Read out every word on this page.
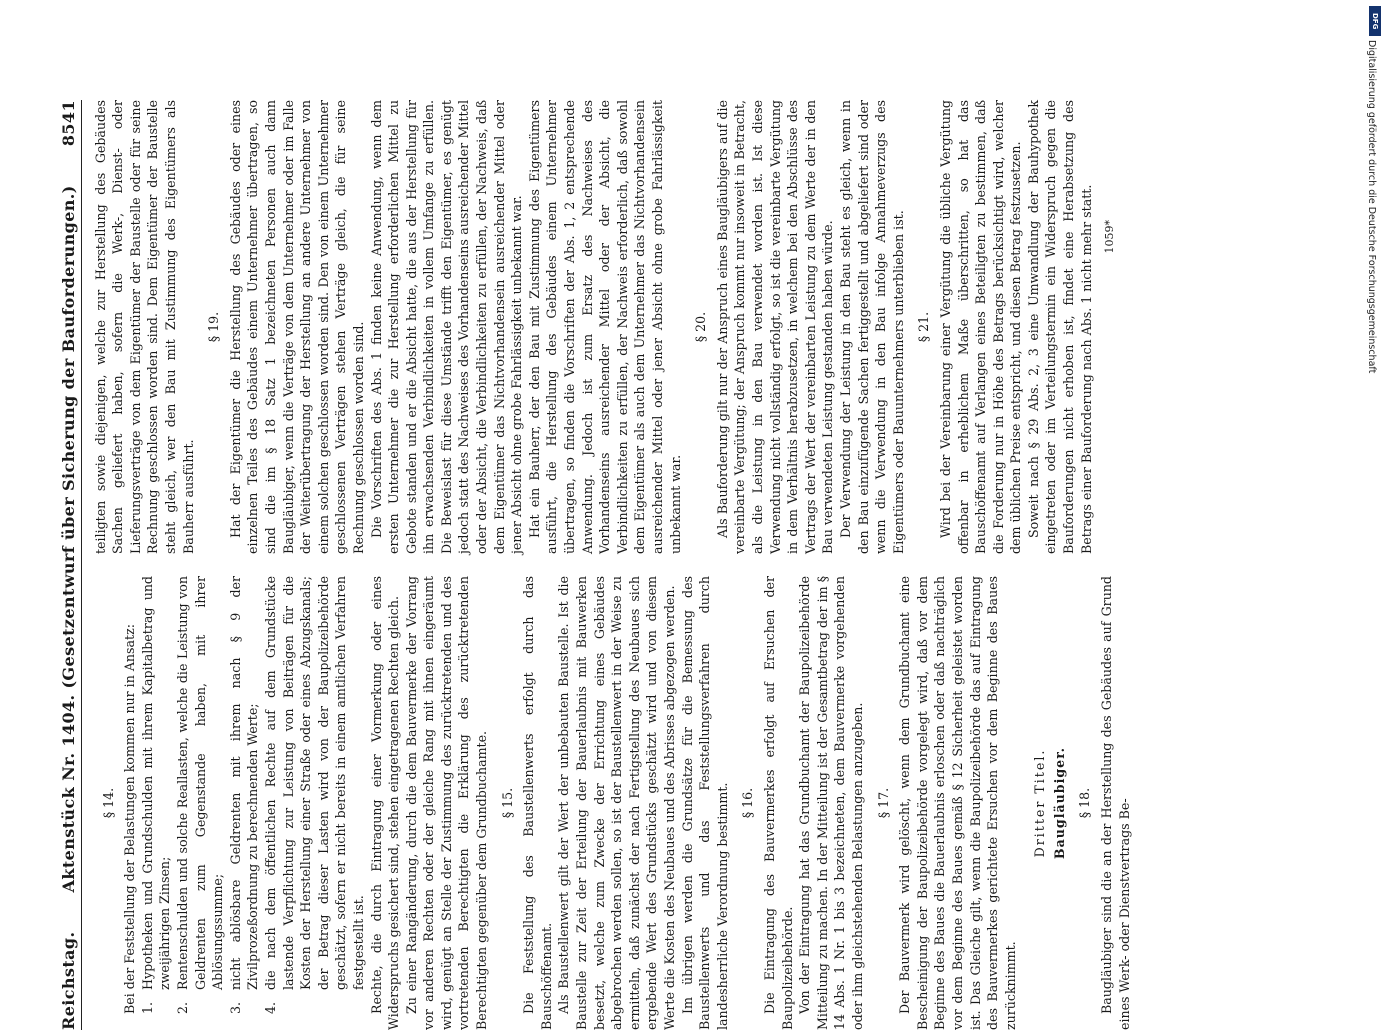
DFG
Digitalisierung gefördert durch die Deutsche Forschungsgemeinschaft
Reichstag.
Aktenstück Nr. 1404. (Gesetzentwurf über Sicherung der Bauforderungen.)
8541
§ 14. Bei der Feststellung der Belastungen kommen nur in Ansatz: 1.
Hypotheken und Grundschulden mit ihrem Kapitalbetrag und zweijährigen Zinsen;
2.
Rentenschulden und solche Reallasten, welche die Leistung von Geldrenten zum Gegenstande haben, mit ihrer Ablösungssumme;
3.
nicht ablösbare Geldrenten mit ihrem nach § 9 der Zivilprozeßordnung zu berechnenden Werte;
4.
die nach dem öffentlichen Rechte auf dem Grundstücke lastende Verpflichtung zur Leistung von Beiträgen für die Kosten der Herstellung einer Straße oder eines Abzugskanals; der Betrag dieser Lasten wird von der Baupolizeibehörde geschätzt, sofern er nicht bereits in einem amtlichen Verfahren festgestellt ist. Rechte, die durch Eintragung einer Vormerkung oder eines Widerspruchs gesichert sind, stehen eingetragenen Rechten gleich. Zu einer Rangänderung, durch die dem Bauvermerke der Vorrang vor anderen Rechten oder der gleiche Rang mit ihnen eingeräumt wird, genügt an Stelle der Zustimmung des zurücktretenden und des vortretenden Berechtigten die Erklärung des zurücktretenden Berechtigten gegenüber dem Grundbuchamte. § 15. Die Feststellung des Baustellenwerts erfolgt durch das Bauschöffenamt. Als Baustellenwert gilt der Wert der unbebauten Baustelle. Ist die Baustelle zur Zeit der Erteilung der Bauerlaubnis mit Bauwerken besetzt, welche zum Zwecke der Errichtung eines Gebäudes abgebrochen werden sollen, so ist der Baustellenwert in der Weise zu ermitteln, daß zunächst der nach Fertigstellung des Neubaues sich ergebende Wert des Grundstücks geschätzt wird und von diesem Werte die Kosten des Neubaues und des Abrisses abgezogen werden. Im übrigen werden die Grundsätze für die Bemessung des Baustellenwerts und das Feststellungsverfahren durch landesherrliche Verordnung bestimmt. § 16. Die Eintragung des Bauvermerkes erfolgt auf Ersuchen der Baupolizeibehörde. Von der Eintragung hat das Grundbuchamt der Baupolizeibehörde Mitteilung zu machen. In der Mitteilung ist der Gesamtbetrag der im § 14 Abs. 1 Nr. 1 bis 3 bezeichneten, dem Bauvermerke vorgehenden oder ihm gleichstehenden Belastungen anzugeben. § 17. Der Bauvermerk wird gelöscht, wenn dem Grundbuchamt eine Bescheinigung der Baupolizeibehörde vorgelegt wird, daß vor dem Beginne des Baues die Bauerlaubnis erloschen oder daß nachträglich vor dem Beginne des Baues gemäß § 12 Sicherheit geleistet worden ist. Das Gleiche gilt, wenn die Baupolizeibehörde das auf Eintragung des Bauvermerkes gerichtete Ersuchen vor dem Beginne des Baues zurücknimmt.

Dritter Titel. Baugläubiger. § 18. Baugläubiger sind die an der Herstellung des Gebäudes auf Grund eines Werk- oder Dienstvertrags Be-

teiligten sowie diejenigen, welche zur Herstellung des Gebäudes Sachen geliefert haben, sofern die Werk-, Dienst- oder Lieferungsverträge von dem Eigentümer der Baustelle oder für seine Rechnung geschlossen worden sind. Dem Eigentümer der Baustelle steht gleich, wer den Bau mit Zustimmung des Eigentümers als Bauherr ausführt.

§ 19. Hat der Eigentümer die Herstellung des Gebäudes oder eines einzelnen Teiles des Gebäudes einem Unternehmer übertragen, so sind die im § 18 Satz 1 bezeichneten Personen auch dann Baugläubiger, wenn die Verträge von dem Unternehmer oder im Falle der Weiterübertragung der Herstellung an andere Unternehmer von einem solchen geschlossen worden sind. Den von einem Unternehmer geschlossenen Verträgen stehen Verträge gleich, die für seine Rechnung geschlossen worden sind. Die Vorschriften des Abs. 1 finden keine Anwendung, wenn dem ersten Unternehmer die zur Herstellung erforderlichen Mittel zu Gebote standen und er die Absicht hatte, die aus der Herstellung für ihn erwachsenden Verbindlichkeiten in vollem Umfange zu erfüllen. Die Beweislast für diese Umstände trifft den Eigentümer, es genügt jedoch statt des Nachweises des Vorhandenseins ausreichender Mittel oder der Absicht, die Verbindlichkeiten zu erfüllen, der Nachweis, daß dem Eigentümer das Nichtvorhandensein ausreichender Mittel oder jener Absicht ohne grobe Fahrlässigkeit unbekannt war. Hat ein Bauherr, der den Bau mit Zustimmung des Eigentümers ausführt, die Herstellung des Gebäudes einem Unternehmer übertragen, so finden die Vorschriften der Abs. 1, 2 entsprechende Anwendung. Jedoch ist zum Ersatz des Nachweises des Vorhandenseins ausreichender Mittel oder der Absicht, die Verbindlichkeiten zu erfüllen, der Nachweis erforderlich, daß sowohl dem Eigentümer als auch dem Unternehmer das Nichtvorhandensein ausreichender Mittel oder jener Absicht ohne grobe Fahrlässigkeit unbekannt war.

§ 20. Als Bauforderung gilt nur der Anspruch eines Baugläubigers auf die vereinbarte Vergütung; der Anspruch kommt nur insoweit in Betracht, als die Leistung in den Bau verwendet worden ist. Ist diese Verwendung nicht vollständig erfolgt, so ist die vereinbarte Vergütung in dem Verhältnis herabzusetzen, in welchem bei den Abschlüsse des Vertrags der Wert der vereinbarten Leistung zu dem Werte der in den Bau verwendeten Leistung gestanden haben würde. Der Verwendung der Leistung in den Bau steht es gleich, wenn in den Bau einzufügende Sachen fertiggestellt und abgeliefert sind oder wenn die Verwendung in den Bau infolge Annahmeverzugs des Eigentümers oder Bauunternehmers unterblieben ist. § 21. Wird bei der Vereinbarung einer Vergütung die übliche Vergütung offenbar in erheblichem Maße überschritten, so hat das Bauschöffenamt auf Verlangen eines Beteiligten zu bestimmen, daß die Forderung nur in Höhe des Betrags berücksichtigt wird, welcher dem üblichen Preise entspricht, und diesen Betrag festzusetzen. Soweit nach § 29 Abs. 2, 3 eine Umwandlung der Bauhypothek eingetreten oder im Verteilungstermin ein Widerspruch gegen die Bauforderungen nicht erhoben ist, findet eine Herabsetzung des Betrags einer Bauforderung nach Abs. 1 nicht mehr statt. 1059*
